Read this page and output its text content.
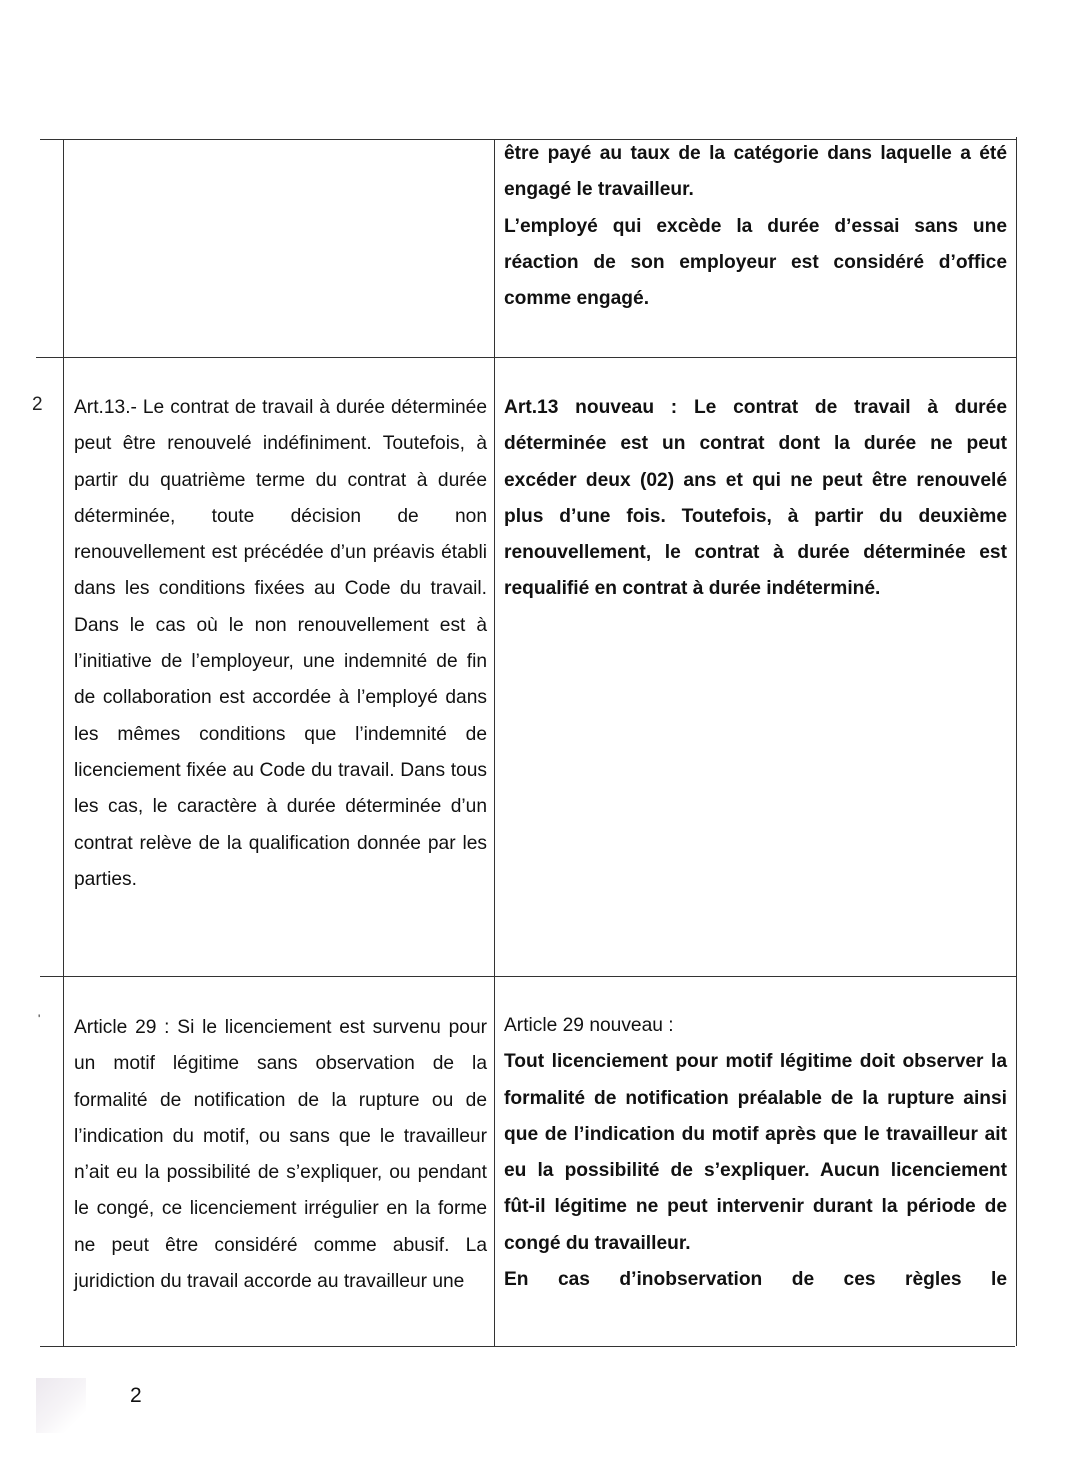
2
'

être payé au taux de la catégorie dans laquelle a été engagé le travailleur.

L’employé qui excède la durée d’essai sans une réaction de son employeur est considéré d’office comme engagé.

Art.13.- Le contrat de travail à durée déterminée peut être renouvelé indéfiniment. Toutefois, à partir du quatrième terme du contrat à durée déterminée, toute décision de non renouvellement est précédée d’un préavis établi dans les conditions fixées au Code du travail. Dans le cas où le non renouvellement est à l’initiative de l’employeur, une indemnité de fin de collaboration est accordée à l’employé dans les mêmes conditions que l’indemnité de licenciement fixée au Code du travail. Dans tous les cas, le caractère à durée déterminée d’un contrat relève de la qualification donnée par les parties.

Art.13 nouveau : Le contrat de travail à durée déterminée est un contrat dont la durée ne peut excéder deux (02) ans et qui ne peut être renouvelé plus d’une fois. Toutefois, à partir du deuxième renouvellement, le contrat à durée déterminée est requalifié en contrat à durée indéterminé.

Article 29 : Si le licenciement est survenu pour un motif légitime sans observation de la formalité de notification de la rupture ou de l’indication du motif, ou sans que le travailleur n’ait eu la possibilité de s’expliquer, ou pendant le congé, ce licenciement irrégulier en la forme ne peut être considéré comme abusif. La juridiction du travail accorde au travailleur une

Article 29 nouveau :

Tout licenciement pour motif légitime doit observer la formalité de notification préalable de la rupture ainsi que de l’indication du motif après que le travailleur ait eu la possibilité de s’expliquer. Aucun licenciement fût-il légitime ne peut intervenir durant la période de congé du travailleur.

En cas d’inobservation de ces règles le

2
